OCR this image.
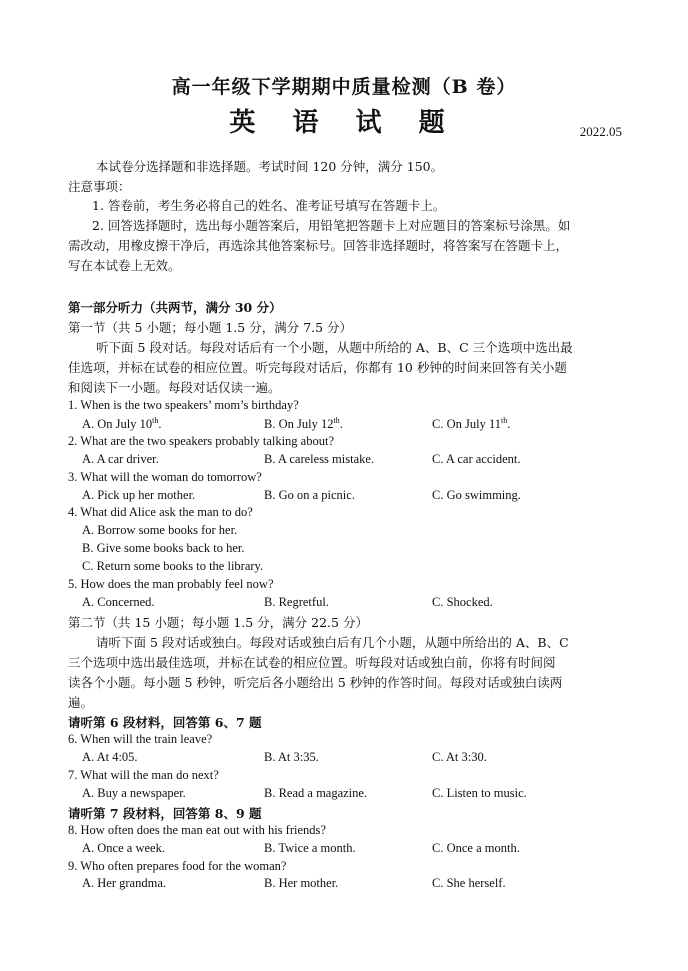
高一年级下学期期中质量检测（B 卷）
英 语 试 题	2022.05
本试卷分选择题和非选择题。考试时间 120 分钟，满分 150。
注意事项：
1. 答卷前，考生务必将自己的姓名、准考证号填写在答题卡上。
2. 回答选择题时，选出每小题答案后，用铅笔把答题卡上对应题目的答案标号涂黑。如
需改动，用橡皮擦干净后，再选涂其他答案标号。回答非选择题时，将答案写在答题卡上，
写在本试卷上无效。
第一部分听力（共两节，满分 30 分）
第一节（共 5 小题；每小题 1.5 分，满分 7.5 分）
听下面 5 段对话。每段对话后有一个小题，从题中所给的 A、B、C 三个选项中选出最
佳选项，并标在试卷的相应位置。听完每段对话后，你都有 10 秒钟的时间来回答有关小题
和阅读下一小题。每段对话仅读一遍。
1. When is the two speakers’ mom’s birthday?
A. On July 10th.	B. On July 12th.	C. On July 11th.
2. What are the two speakers probably talking about?
A. A car driver.	B. A careless mistake.	C. A car accident.
3. What will the woman do tomorrow?
A. Pick up her mother.	B. Go on a picnic.	C. Go swimming.
4. What did Alice ask the man to do?
A. Borrow some books for her.
B. Give some books back to her.
C. Return some books to the library.
5. How does the man probably feel now?
A. Concerned.	B. Regretful.	C. Shocked.
第二节（共 15 小题；每小题 1.5 分，满分 22.5 分）
请听下面 5 段对话或独白。每段对话或独白后有几个小题，从题中所给出的 A、B、C
三个选项中选出最佳选项，并标在试卷的相应位置。听每段对话或独白前，你将有时间阅
读各个小题。每小题 5 秒钟，听完后各小题给出 5 秒钟的作答时间。每段对话或独白读两
遍。
请听第 6 段材料，回答第 6、7 题
6. When will the train leave?
A. At 4:05.	B. At 3:35.	C. At 3:30.
7. What will the man do next?
A. Buy a newspaper.	B. Read a magazine.	C. Listen to music.
请听第 7 段材料，回答第 8、9 题
8. How often does the man eat out with his friends?
A. Once a week.	B. Twice a month.	C. Once a month.
9. Who often prepares food for the woman?
A. Her grandma.	B. Her mother.	C. She herself.
